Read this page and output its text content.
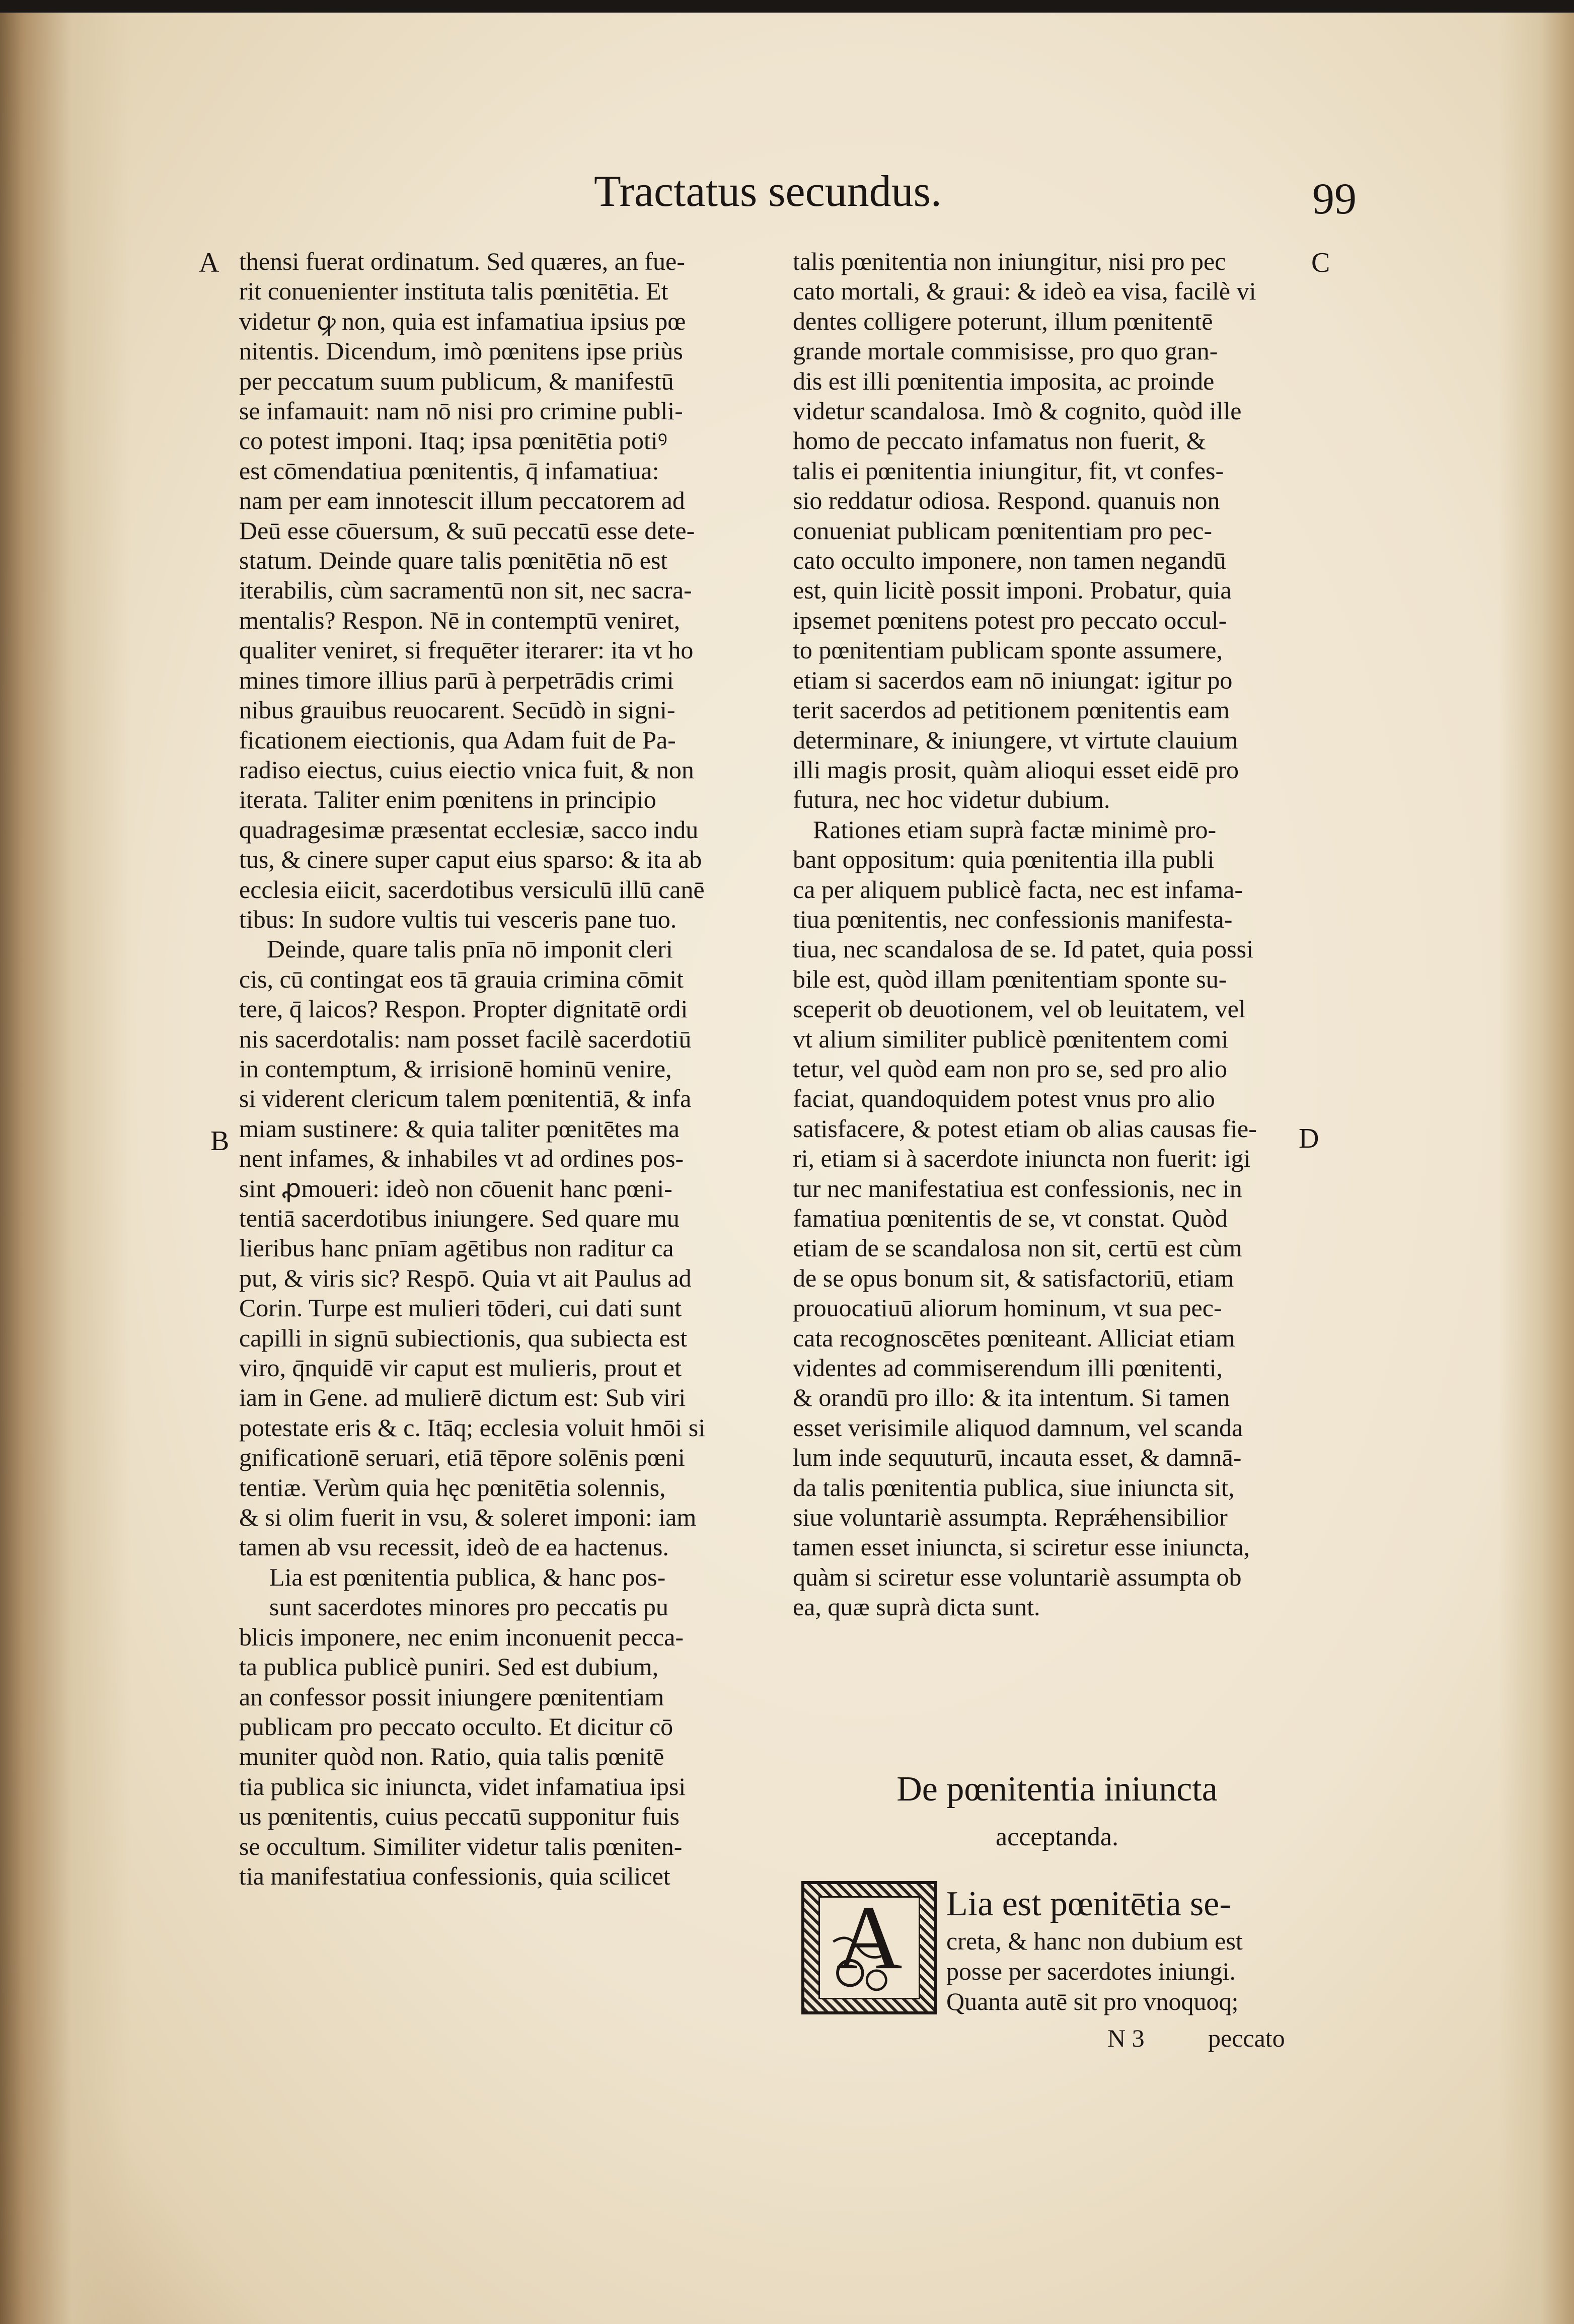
Tractatus secundus.	99
A
B
C
D
thensi fuerat ordinatum. Sed quæres, an fue-
rit conuenienter instituta talis pœnitētia. Et
videtur ꝙ non, quia est infamatiua ipsius pœ
nitentis. Dicendum, imò pœnitens ipse priùs
per peccatum suum publicum, & manifestū
se infamauit: nam nō nisi pro crimine publi-
co potest imponi. Itaq; ipsa pœnitētia potiꝰ
est cōmendatiua pœnitentis, q̄ infamatiua:
nam per eam innotescit illum peccatorem ad
Deū esse cōuersum, & suū peccatū esse dete-
statum. Deinde quare talis pœnitētia nō est
iterabilis, cùm sacramentū non sit, nec sacra-
mentalis? Respon. Nē in contemptū veniret,
qualiter veniret, si frequēter iterarer: ita vt ho
mines timore illius parū à perpetrādis crimi
nibus grauibus reuocarent. Secūdò in signi-
ficationem eiectionis, qua Adam fuit de Pa-
radiso eiectus, cuius eiectio vnica fuit, & non
iterata. Taliter enim pœnitens in principio
quadragesimæ præsentat ecclesiæ, sacco indu
tus, & cinere super caput eius sparso: & ita ab
ecclesia eiicit, sacerdotibus versiculū illū canē
tibus: In sudore vultis tui vesceris pane tuo.
Deinde, quare talis pnīa nō imponit cleri
cis, cū contingat eos tā grauia crimina cōmit
tere, q̄ laicos? Respon. Propter dignitatē ordi
nis sacerdotalis: nam posset facilè sacerdotiū
in contemptum, & irrisionē hominū venire,
si viderent clericum talem pœnitentiā, & infa
miam sustinere: & quia taliter pœnitētes ma
nent infames, & inhabiles vt ad ordines pos-
sint ꝓmoueri: ideò non cōuenit hanc pœni-
tentiā sacerdotibus iniungere. Sed quare mu
lieribus hanc pnīam agētibus non raditur ca
put, & viris sic? Respō. Quia vt ait Paulus ad
Corin. Turpe est mulieri tōderi, cui dati sunt
capilli in signū subiectionis, qua subiecta est
viro, q̄nquidē vir caput est mulieris, prout et
iam in Gene. ad mulierē dictum est: Sub viri
potestate eris & c. Itāq; ecclesia voluit hmōi si
gnificationē seruari, etiā tēpore solēnis pœni
tentiæ. Verùm quia hęc pœnitētia solennis,
& si olim fuerit in vsu, & soleret imponi: iam
tamen ab vsu recessit, ideò de ea hactenus.
Lia est pœnitentia publica, & hanc pos-
sunt sacerdotes minores pro peccatis pu
blicis imponere, nec enim inconuenit pecca-
ta publica publicè puniri. Sed est dubium,
an confessor possit iniungere pœnitentiam
publicam pro peccato occulto. Et dicitur cō
muniter quòd non. Ratio, quia talis pœnitē
tia publica sic iniuncta, videt infamatiua ipsi
us pœnitentis, cuius peccatū supponitur fuis
se occultum. Similiter videtur talis pœniten-
tia manifestatiua confessionis, quia scilicet
talis pœnitentia non iniungitur, nisi pro pec
cato mortali, & graui: & ideò ea visa, facilè vi
dentes colligere poterunt, illum pœnitentē
grande mortale commisisse, pro quo gran-
dis est illi pœnitentia imposita, ac proinde
videtur scandalosa. Imò & cognito, quòd ille
homo de peccato infamatus non fuerit, &
talis ei pœnitentia iniungitur, fit, vt confes-
sio reddatur odiosa. Respond. quanuis non
conueniat publicam pœnitentiam pro pec-
cato occulto imponere, non tamen negandū
est, quin licitè possit imponi. Probatur, quia
ipsemet pœnitens potest pro peccato occul-
to pœnitentiam publicam sponte assumere,
etiam si sacerdos eam nō iniungat: igitur po
terit sacerdos ad petitionem pœnitentis eam
determinare, & iniungere, vt virtute clauium
illi magis prosit, quàm alioqui esset eidē pro
futura, nec hoc videtur dubium.
Rationes etiam suprà factæ minimè pro-
bant oppositum: quia pœnitentia illa publi
ca per aliquem publicè facta, nec est infama-
tiua pœnitentis, nec confessionis manifesta-
tiua, nec scandalosa de se. Id patet, quia possi
bile est, quòd illam pœnitentiam sponte su-
sceperit ob deuotionem, vel ob leuitatem, vel
vt alium similiter publicè pœnitentem comi
tetur, vel quòd eam non pro se, sed pro alio
faciat, quandoquidem potest vnus pro alio
satisfacere, & potest etiam ob alias causas fie-
ri, etiam si à sacerdote iniuncta non fuerit: igi
tur nec manifestatiua est confessionis, nec in
famatiua pœnitentis de se, vt constat. Quòd
etiam de se scandalosa non sit, certū est cùm
de se opus bonum sit, & satisfactoriū, etiam
prouocatiuū aliorum hominum, vt sua pec-
cata recognoscētes pœniteant. Alliciat etiam
videntes ad commiserendum illi pœnitenti,
& orandū pro illo: & ita intentum. Si tamen
esset verisimile aliquod damnum, vel scanda
lum inde sequuturū, incauta esset, & damnā-
da talis pœnitentia publica, siue iniuncta sit,
siue voluntariè assumpta. Reprǽhensibilior
tamen esset iniuncta, si sciretur esse iniuncta,
quàm si sciretur esse voluntariè assumpta ob
ea, quæ suprà dicta sunt.
De pœnitentia iniuncta
acceptanda.
A Lia est pœnitētia se-
creta, & hanc non dubium est
posse per sacerdotes iniungi.
Quanta autē sit pro vnoquoq;
N 3	peccato
